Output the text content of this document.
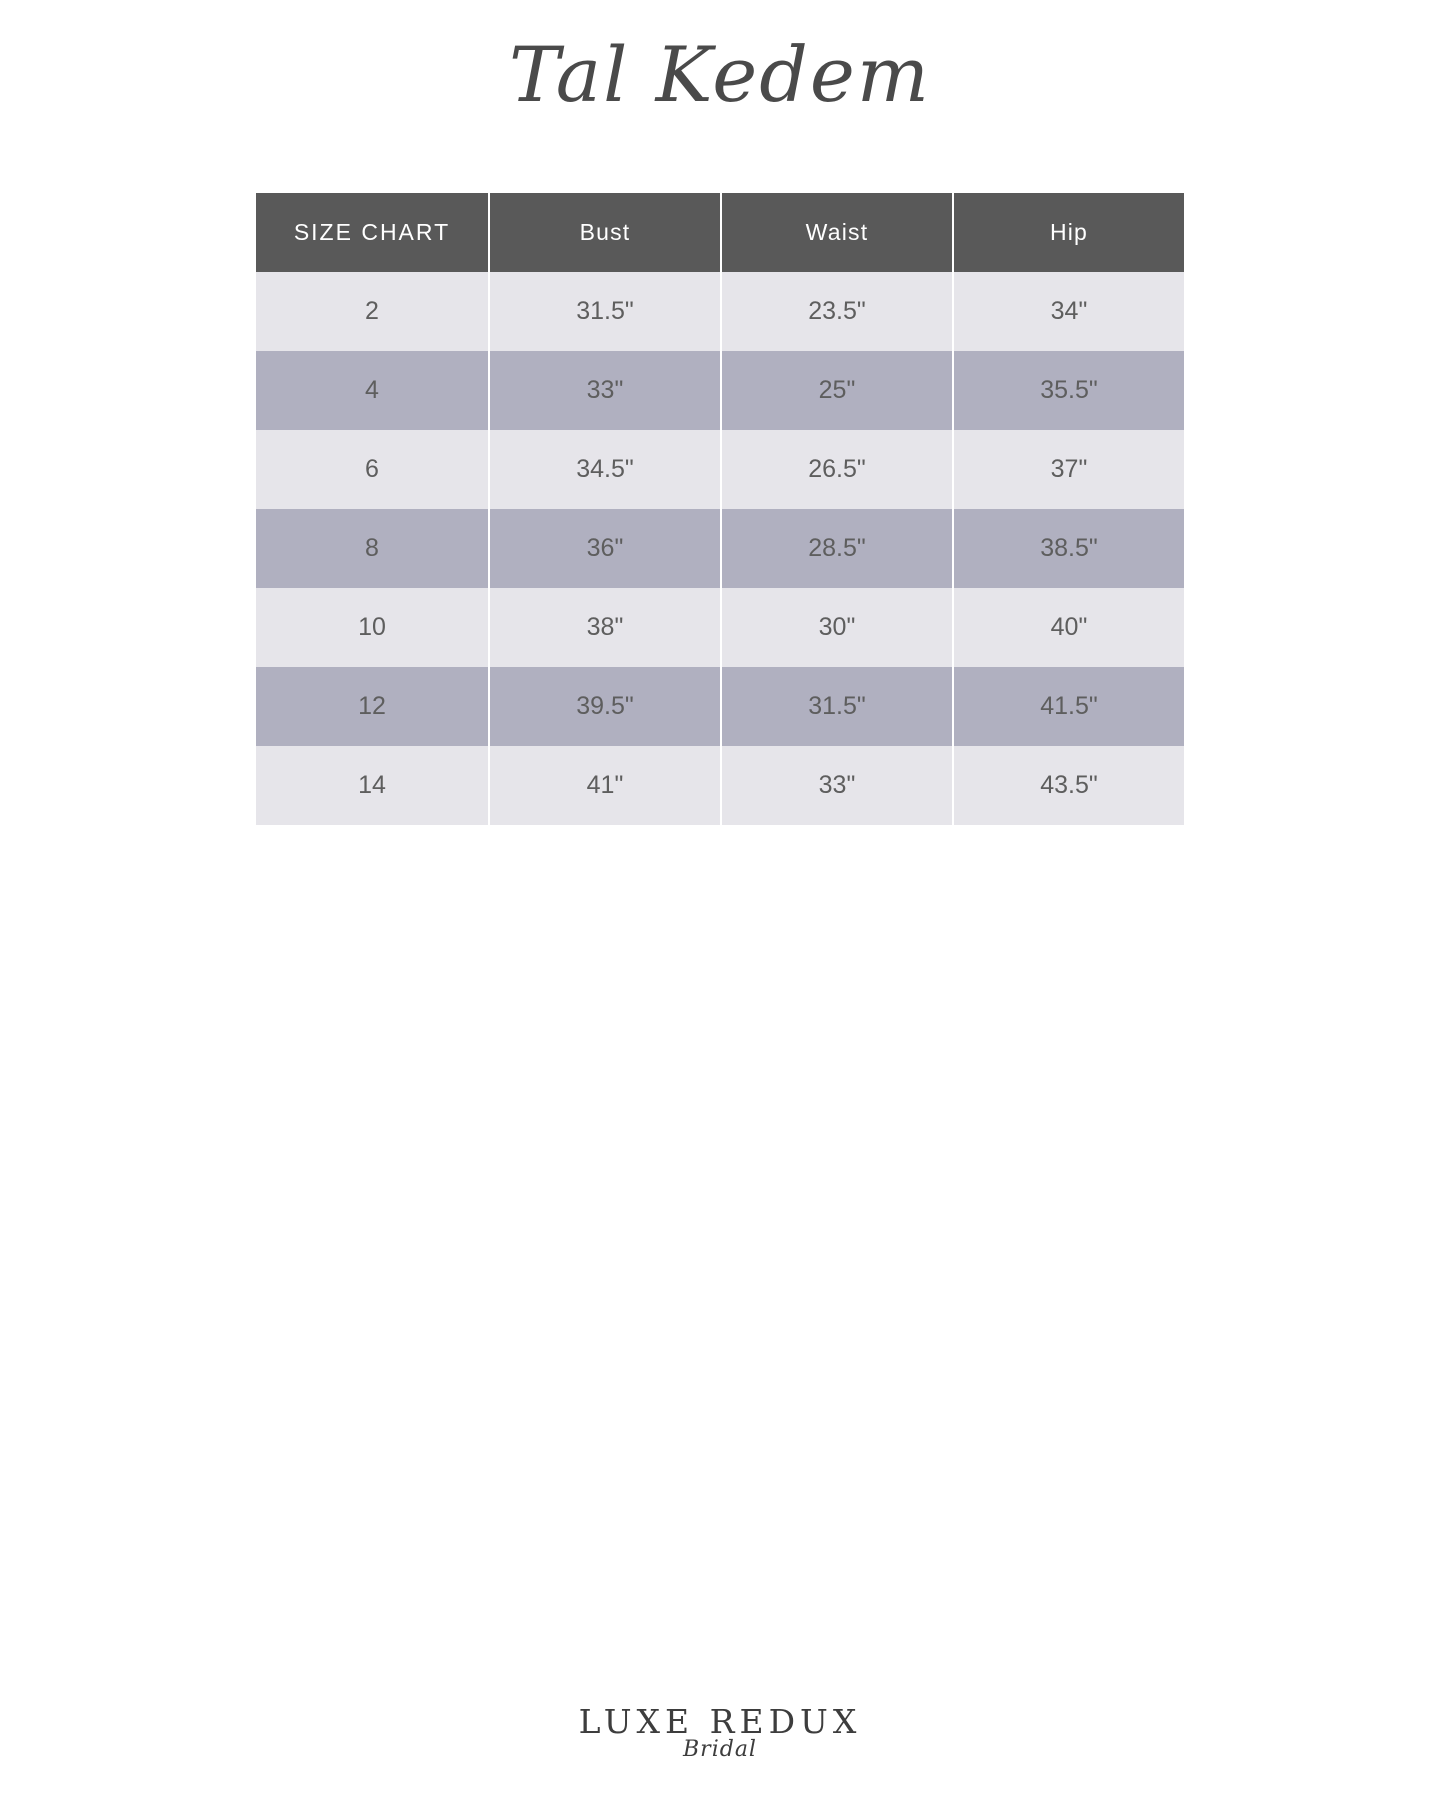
Tal Kedem
SIZE CHART	Bust	Waist	Hip
2	31.5"	23.5"	34"
4	33"	25"	35.5"
6	34.5"	26.5"	37"
8	36"	28.5"	38.5"
10	38"	30"	40"
12	39.5"	31.5"	41.5"
14	41"	33"	43.5"
LUXE REDUX
Bridal
